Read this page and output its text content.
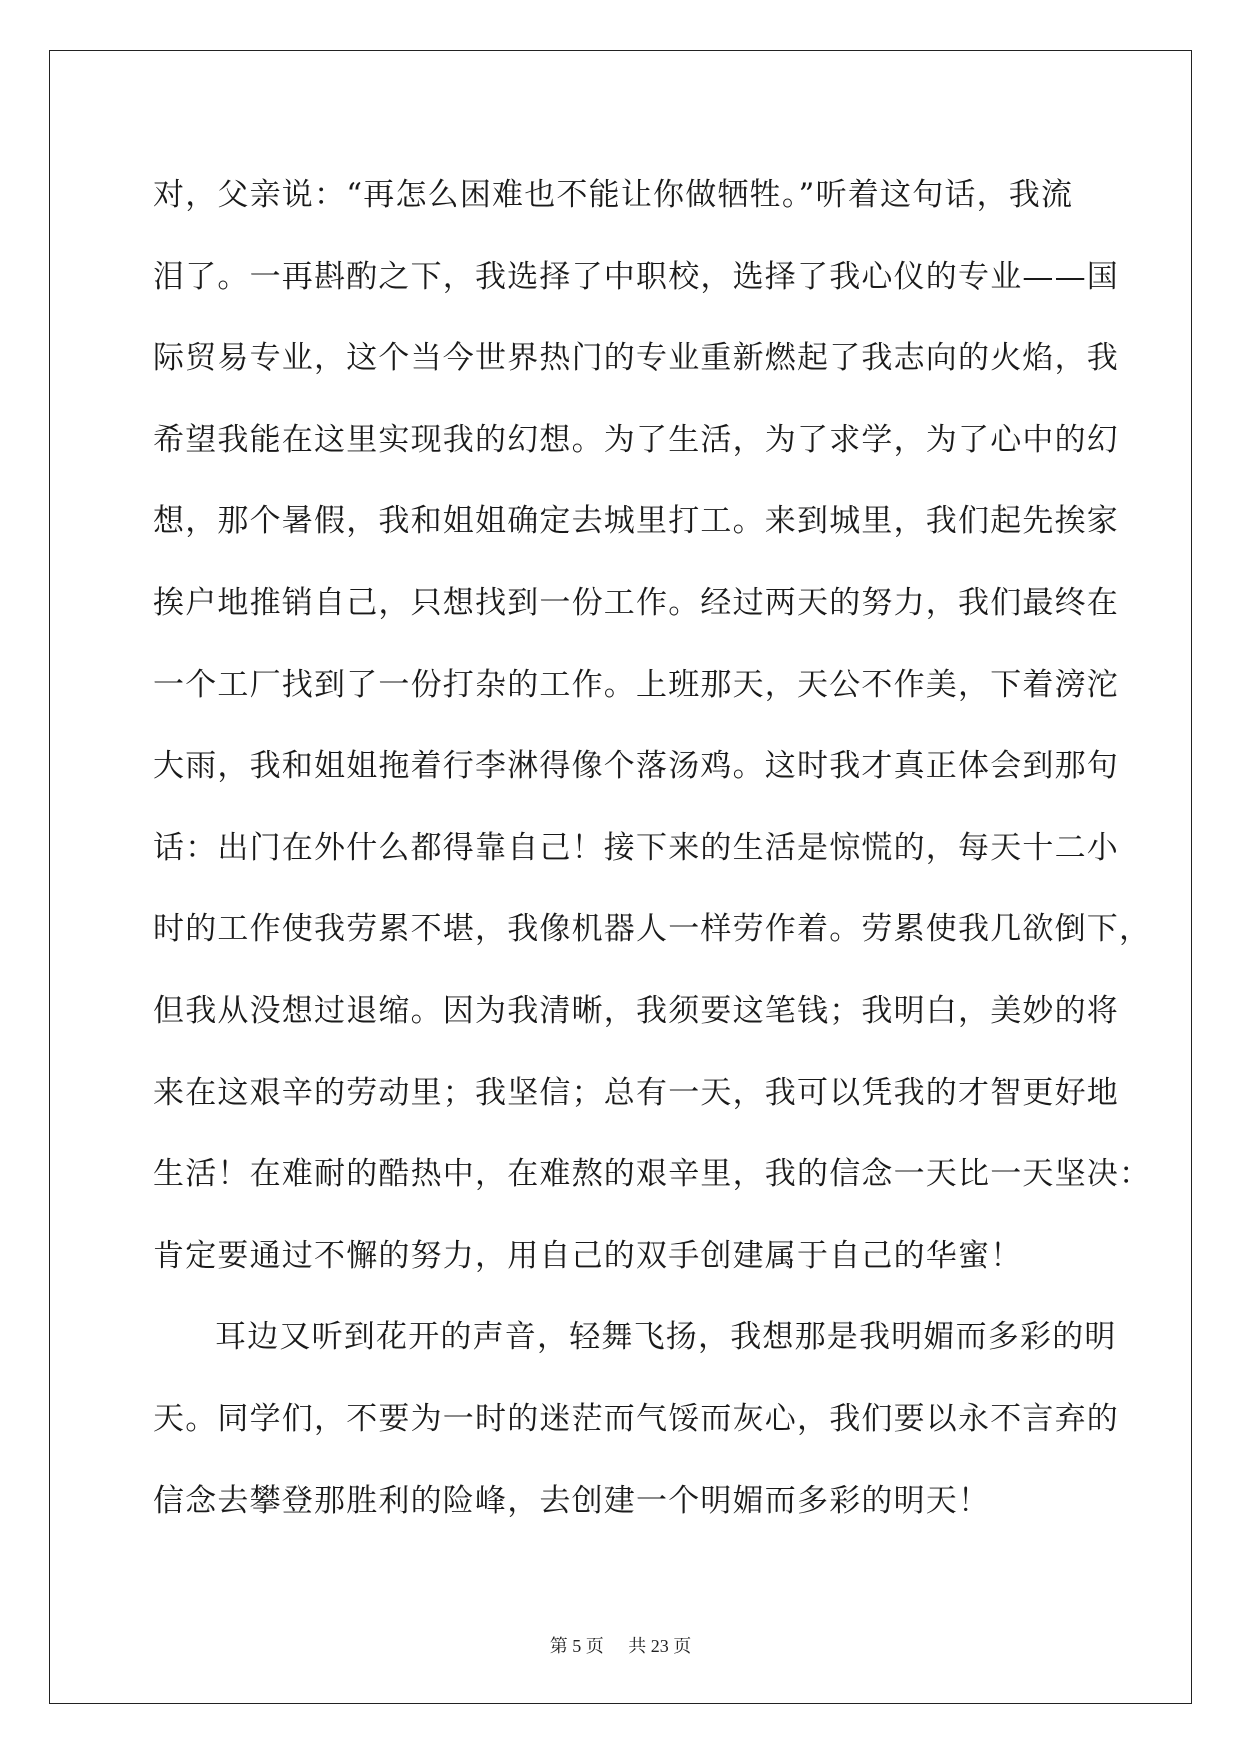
对，父亲说：“再怎么困难也不能让你做牺牲。”听着这句话，我流
泪了。一再斟酌之下，我选择了中职校，选择了我心仪的专业——国
际贸易专业，这个当今世界热门的专业重新燃起了我志向的火焰，我
希望我能在这里实现我的幻想。为了生活，为了求学，为了心中的幻
想，那个暑假，我和姐姐确定去城里打工。来到城里，我们起先挨家
挨户地推销自己，只想找到一份工作。经过两天的努力，我们最终在
一个工厂找到了一份打杂的工作。上班那天，天公不作美，下着滂沱
大雨，我和姐姐拖着行李淋得像个落汤鸡。这时我才真正体会到那句
话：出门在外什么都得靠自己！接下来的生活是惊慌的，每天十二小
时的工作使我劳累不堪，我像机器人一样劳作着。劳累使我几欲倒下，
但我从没想过退缩。因为我清晰，我须要这笔钱；我明白，美妙的将
来在这艰辛的劳动里；我坚信；总有一天，我可以凭我的才智更好地
生活！在难耐的酷热中，在难熬的艰辛里，我的信念一天比一天坚决：
肯定要通过不懈的努力，用自己的双手创建属于自己的华蜜！
耳边又听到花开的声音，轻舞飞扬，我想那是我明媚而多彩的明
天。同学们，不要为一时的迷茫而气馁而灰心，我们要以永不言弃的
信念去攀登那胜利的险峰，去创建一个明媚而多彩的明天！
第 5 页 共 23 页
